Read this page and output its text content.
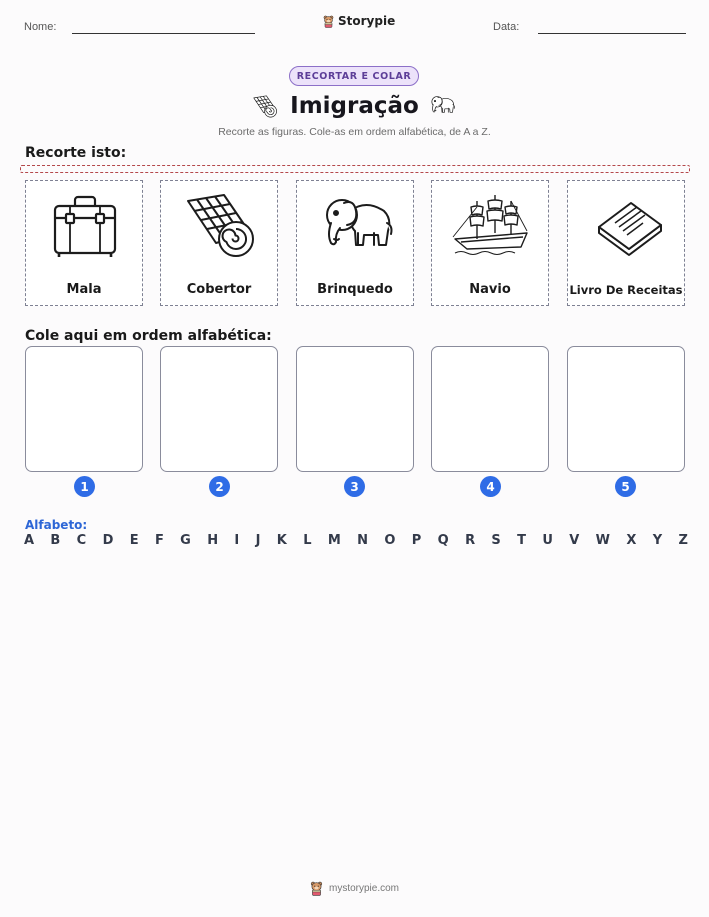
Nome:	Storypie	Data:
RECORTAR E COLAR
Imigração
Recorte as figuras. Cole-as em ordem alfabética, de A a Z.
Recorte isto:
Mala	Cobertor	Brinquedo	Navio	Livro De Receitas
Cole aqui em ordem alfabética:
1	2	3	4	5
Alfabeto:
A B C D E F G H I J K L M N O P Q R S T U V W X Y Z
mystorypie.com
